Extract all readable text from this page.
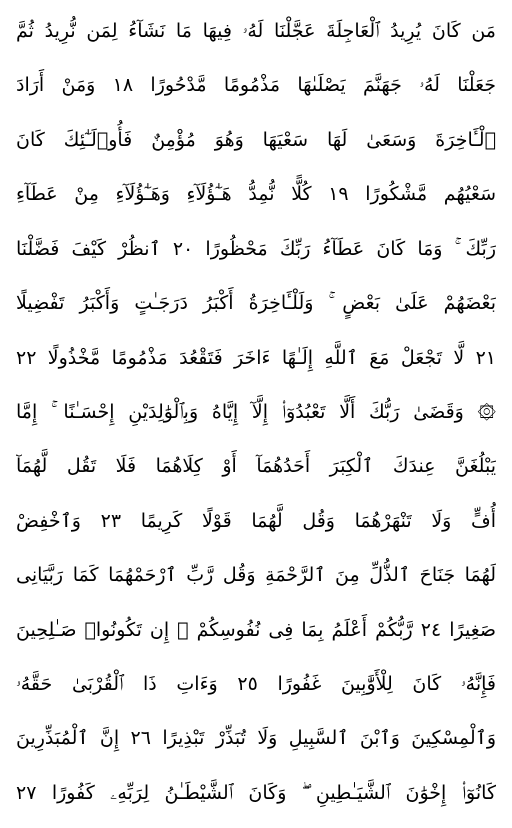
مَن كَانَ يُرِيدُ ٱلْعَاجِلَةَ عَجَّلْنَا لَهُۥ فِيهَا مَا نَشَآءُ لِمَن نُّرِيدُ ثُمَّ
جَعَلْنَا لَهُۥ جَهَنَّمَ يَصْلَىٰهَا مَذْمُومًا مَّدْحُورًا ١٨ وَمَنْ أَرَادَ
ٱلْـَٔاخِرَةَ وَسَعَىٰ لَهَا سَعْيَهَا وَهُوَ مُؤْمِنٌ فَأُو۟لَـٰٓئِكَ كَانَ
سَعْيُهُم مَّشْكُورًا ١٩ كُلًّا نُّمِدُّ هَـٰٓؤُلَآءِ وَهَـٰٓؤُلَآءِ مِنْ عَطَآءِ
رَبِّكَ ۚ وَمَا كَانَ عَطَآءُ رَبِّكَ مَحْظُورًا ٢٠ ٱنظُرْ كَيْفَ فَضَّلْنَا
بَعْضَهُمْ عَلَىٰ بَعْضٍ ۚ وَلَلْـَٔاخِرَةُ أَكْبَرُ دَرَجَـٰتٍ وَأَكْبَرُ تَفْضِيلًا
٢١ لَّا تَجْعَلْ مَعَ ٱللَّهِ إِلَـٰهًا ءَاخَرَ فَتَقْعُدَ مَذْمُومًا مَّخْذُولًا ٢٢
۞ وَقَضَىٰ رَبُّكَ أَلَّا تَعْبُدُوٓا۟ إِلَّآ إِيَّاهُ وَبِٱلْوَٰلِدَيْنِ إِحْسَـٰنًا ۚ إِمَّا
يَبْلُغَنَّ عِندَكَ ٱلْكِبَرَ أَحَدُهُمَآ أَوْ كِلَاهُمَا فَلَا تَقُل لَّهُمَآ
أُفٍّ وَلَا تَنْهَرْهُمَا وَقُل لَّهُمَا قَوْلًا كَرِيمًا ٢٣ وَٱخْفِضْ
لَهُمَا جَنَاحَ ٱلذُّلِّ مِنَ ٱلرَّحْمَةِ وَقُل رَّبِّ ٱرْحَمْهُمَا كَمَا رَبَّيَانِى
صَغِيرًا ٢٤ رَّبُّكُمْ أَعْلَمُ بِمَا فِى نُفُوسِكُمْ ۚ إِن تَكُونُوا۟ صَـٰلِحِينَ
فَإِنَّهُۥ كَانَ لِلْأَوَّٰبِينَ غَفُورًا ٢٥ وَءَاتِ ذَا ٱلْقُرْبَىٰ حَقَّهُۥ
وَٱلْمِسْكِينَ وَٱبْنَ ٱلسَّبِيلِ وَلَا تُبَذِّرْ تَبْذِيرًا ٢٦ إِنَّ ٱلْمُبَذِّرِينَ
كَانُوٓا۟ إِخْوَٰنَ ٱلشَّيَـٰطِينِ ۖ وَكَانَ ٱلشَّيْطَـٰنُ لِرَبِّهِۦ كَفُورًا ٢٧
